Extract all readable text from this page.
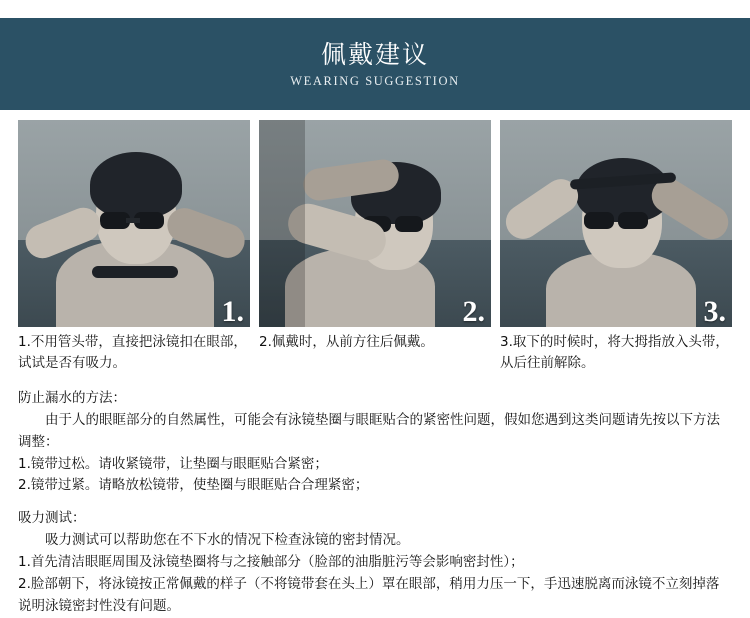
佩戴建议
WEARING SUGGESTION
1.	2.	3.
1.不用管头带，直接把泳镜扣在眼部，试试是否有吸力。
2.佩戴时，从前方往后佩戴。	3.取下的时候时，将大拇指放入头带，从后往前解除。

防止漏水的方法：

由于人的眼眶部分的自然属性，可能会有泳镜垫圈与眼眶贴合的紧密性问题，假如您遇到这类问题请先按以下方法调整：

1.镜带过松。请收紧镜带，让垫圈与眼眶贴合紧密；

2.镜带过紧。请略放松镜带，使垫圈与眼眶贴合合理紧密；

吸力测试：

吸力测试可以帮助您在不下水的情况下检查泳镜的密封情况。

1.首先清洁眼眶周围及泳镜垫圈将与之接触部分（脸部的油脂脏污等会影响密封性）；

2.脸部朝下，将泳镜按正常佩戴的样子（不将镜带套在头上）罩在眼部，稍用力压一下，手迅速脱离而泳镜不立刻掉落说明泳镜密封性没有问题。
